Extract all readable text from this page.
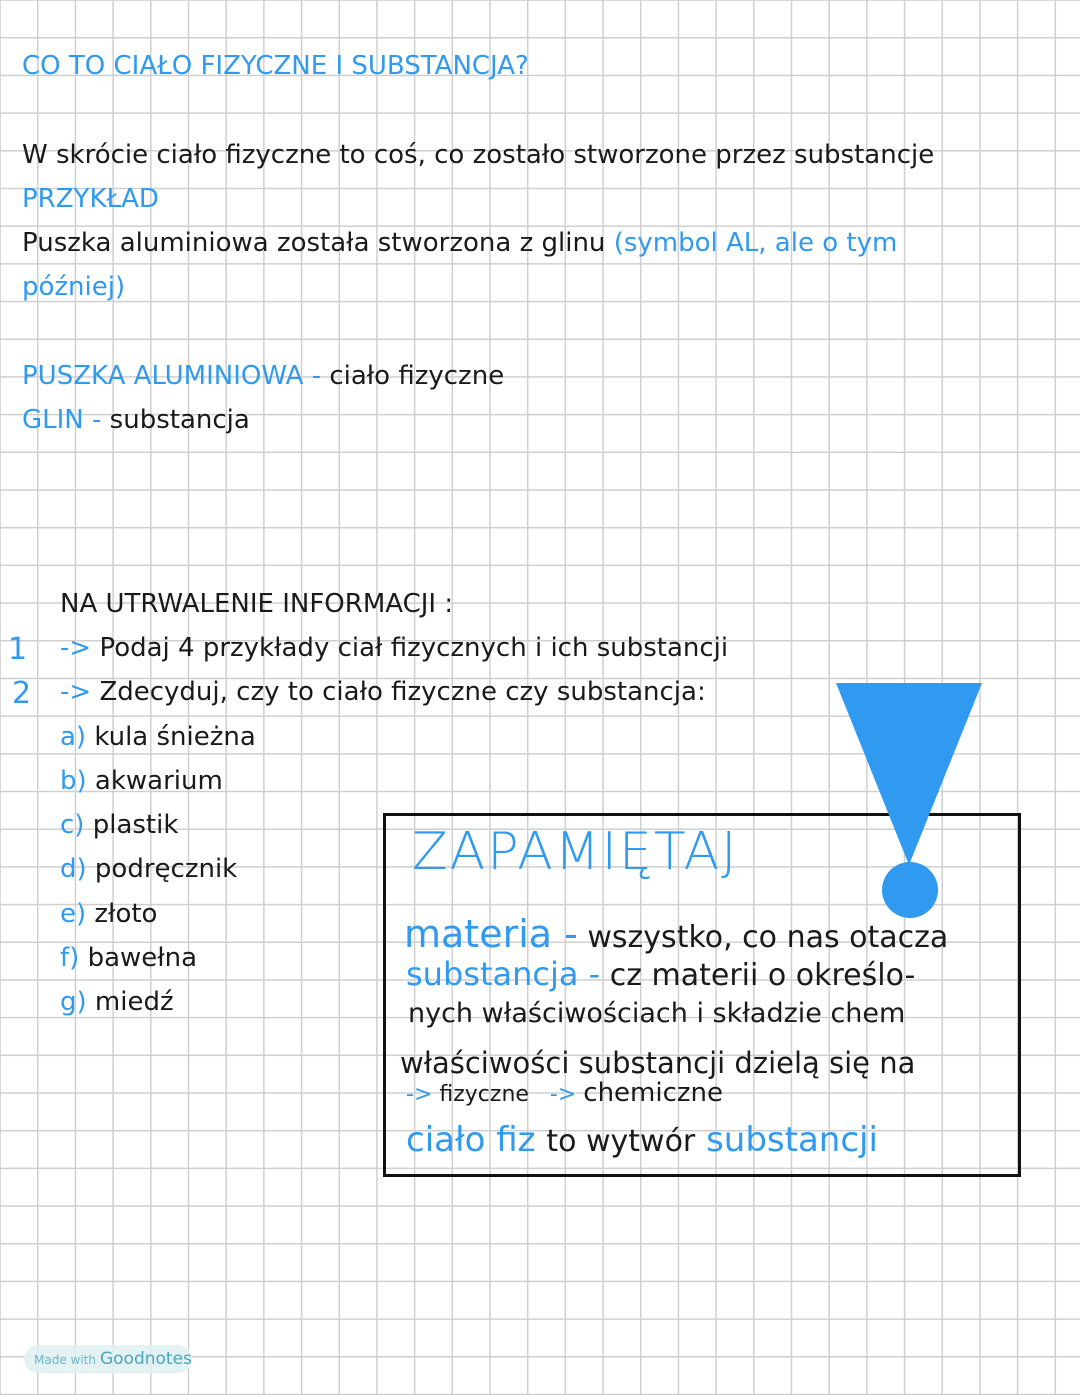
CO TO CIAŁO FIZYCZNE I SUBSTANCJA?
W skrócie ciało fizyczne to coś, co zostało stworzone przez substancje
PRZYKŁAD
Puszka aluminiowa została stworzona z glinu (symbol AL, ale o tym
później)
PUSZKA ALUMINIOWA - ciało fizyczne
GLIN - substancja
NA UTRWALENIE INFORMACJI :
1 -> Podaj 4 przykłady ciał fizycznych i ich substancji
2 -> Zdecyduj, czy to ciało fizyczne czy substancja:
a) kula śnieżna
b) akwarium
c) plastik
d) podręcznik
e) złoto
f) bawełna
g) miedź
ZAPAMIĘTAJ
materia - wszystko, co nas otacza
substancja - cz materii o określo-
nych właściwościach i składzie chem
właściwości substancji dzielą się na
-> fizyczne -> chemiczne
ciało fiz to wytwór substancji
Made with Goodnotes
